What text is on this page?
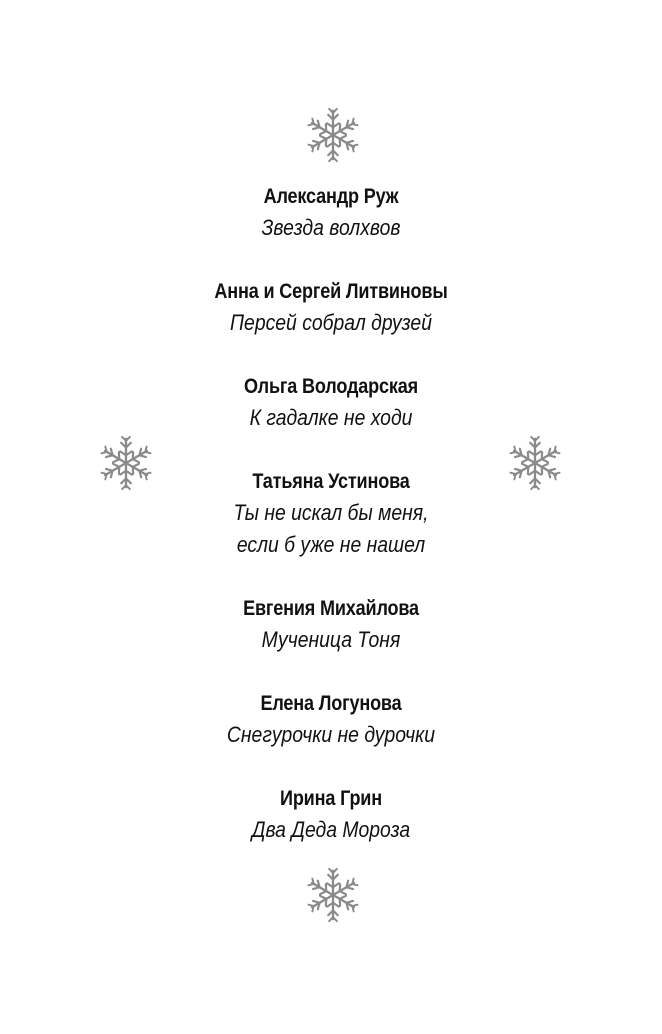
Александр Руж
Звезда волхвов
Анна и Сергей Литвиновы
Персей собрал друзей
Ольга Володарская
К гадалке не ходи
Татьяна Устинова
Ты не искал бы меня,
если б уже не нашел
Евгения Михайлова
Мученица Тоня
Елена Логунова
Снегурочки не дурочки
Ирина Грин
Два Деда Мороза
